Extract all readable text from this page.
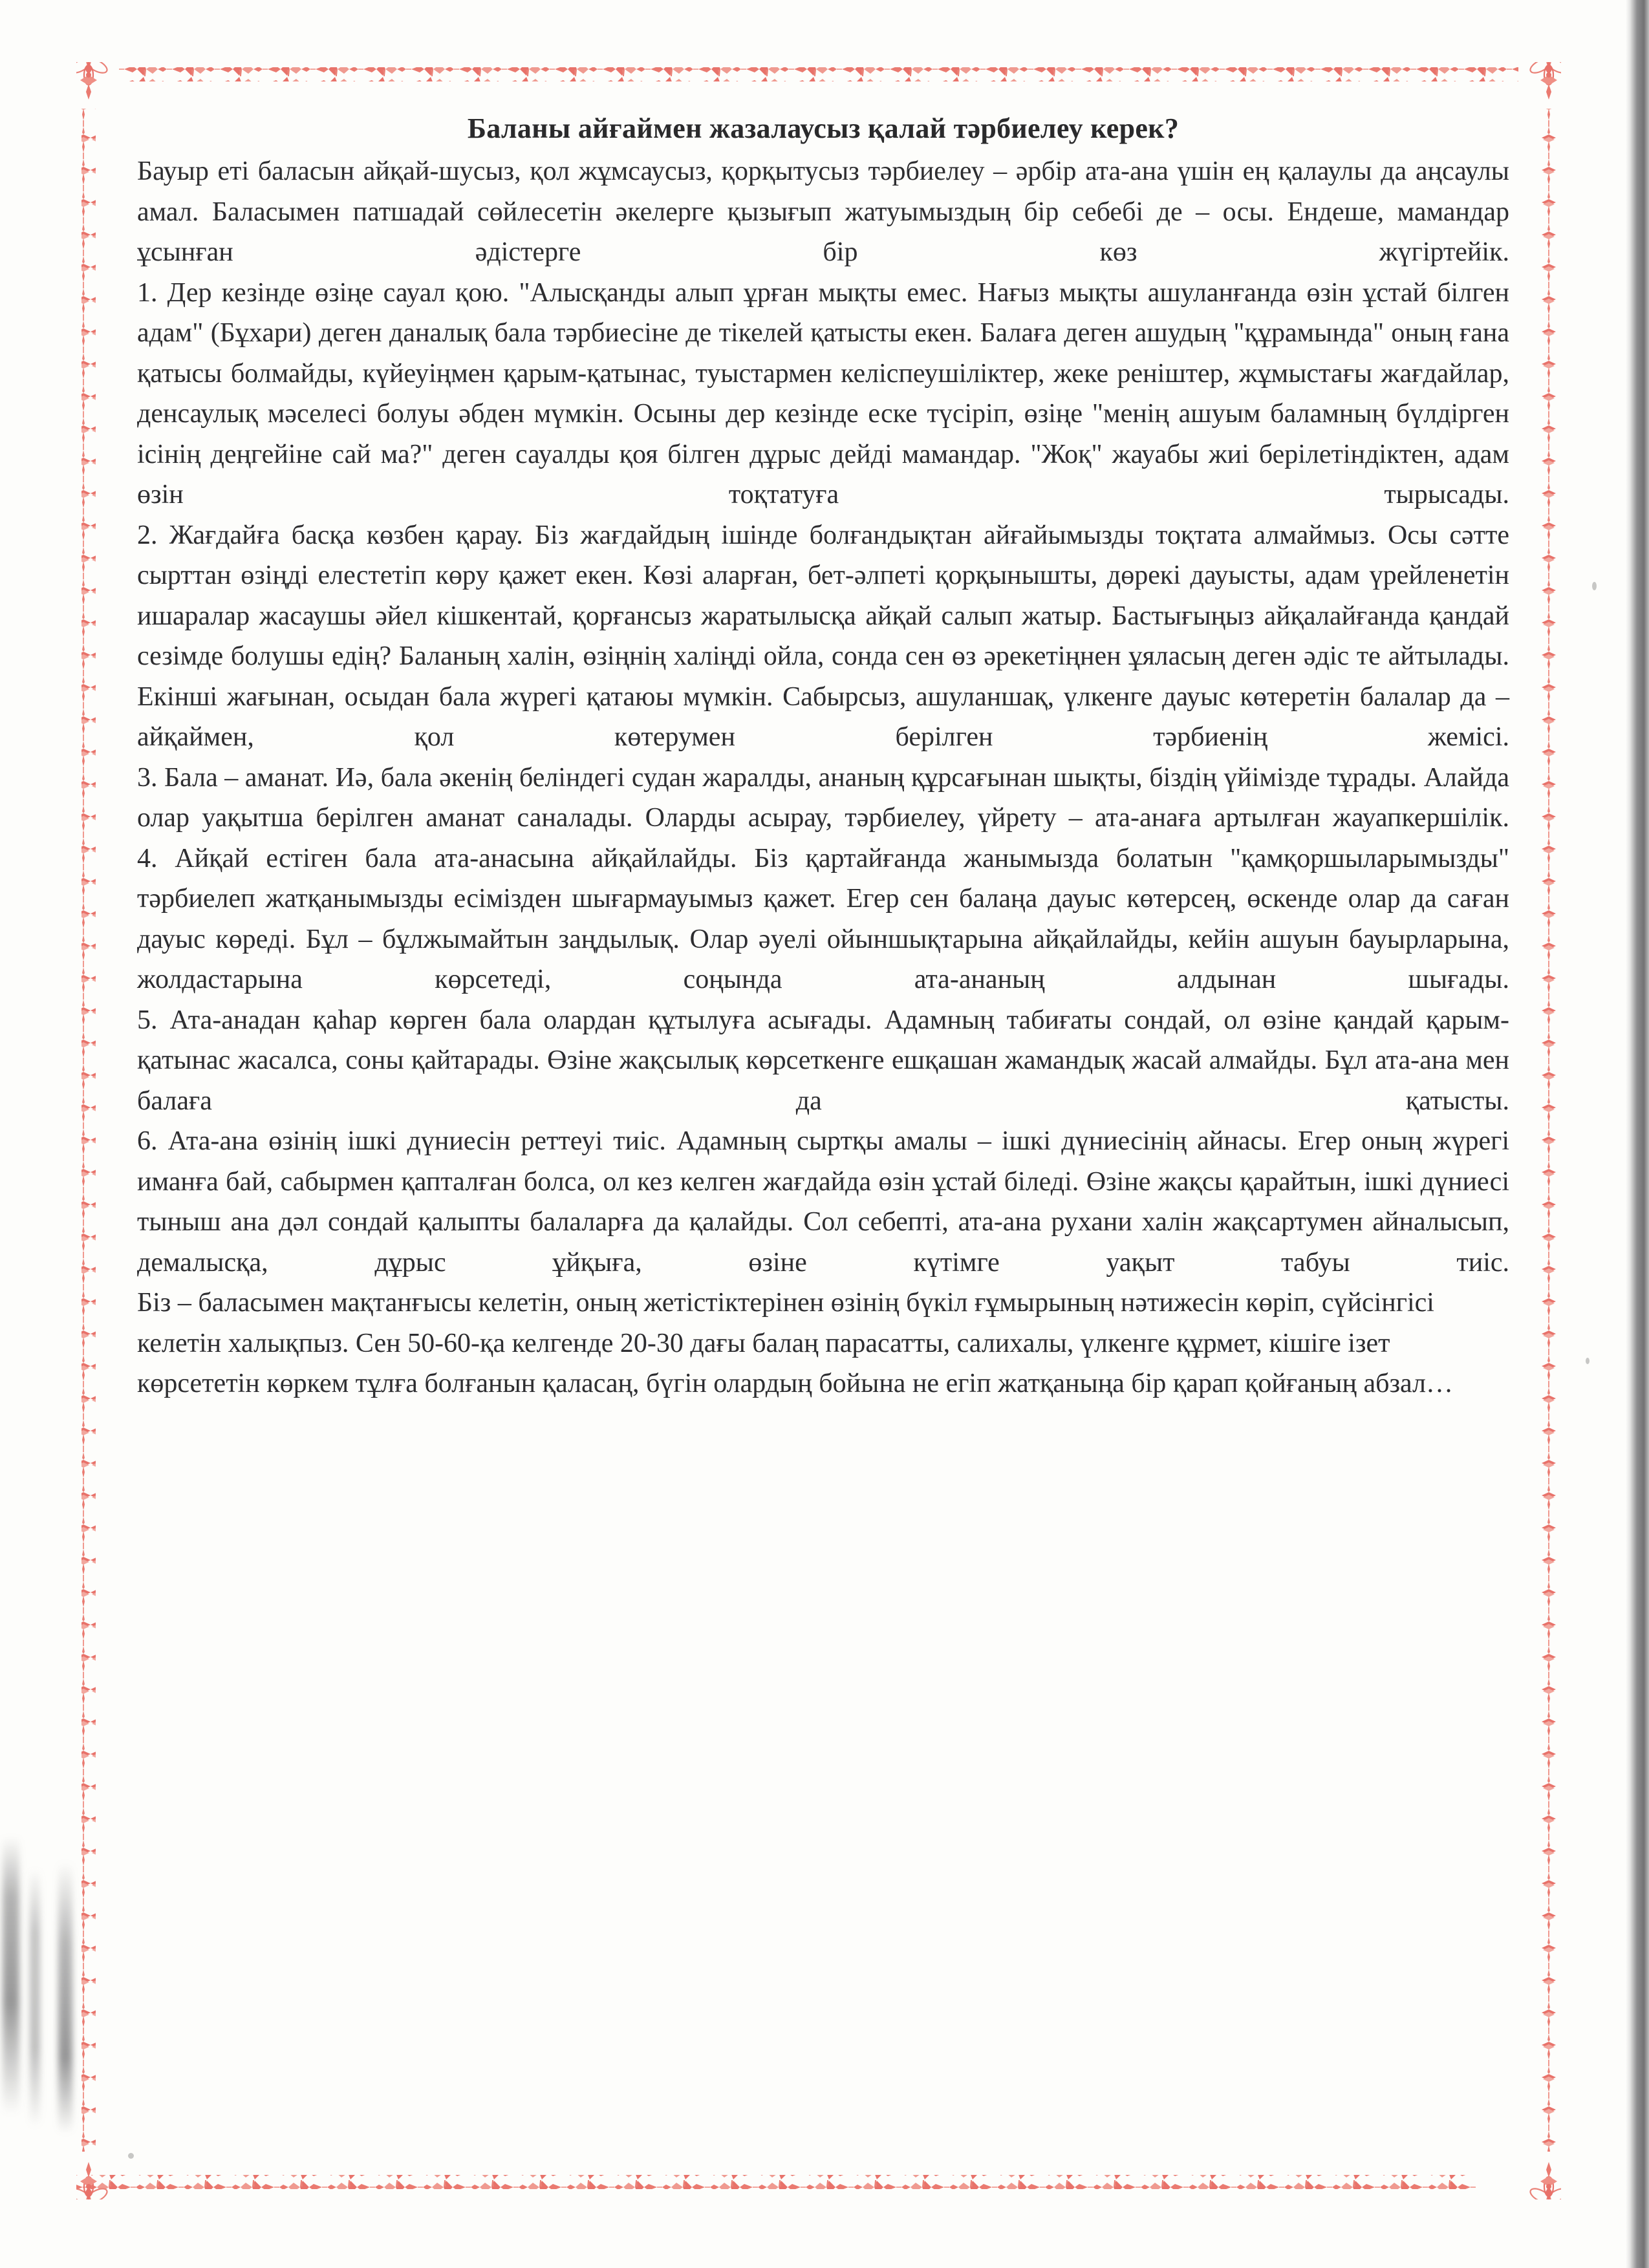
Баланы айғаймен жазалаусыз қалай тәрбиелеу керек?

Бауыр еті баласын айқай-шусыз, қол жұмсаусыз, қорқытусыз тәрбиелеу – әрбір ата-ана үшін ең қалаулы да аңсаулы амал. Баласымен патшадай сөйлесетін әкелерге қызығып жатуымыздың бір себебі де – осы. Ендеше, мамандар ұсынған әдістерге бір көз жүгіртейік.

1. Дер кезінде өзіңе сауал қою. "Алысқанды алып ұрған мықты емес. Нағыз мықты ашуланғанда өзін ұстай білген адам" (Бұхари) деген даналық бала тәрбиесіне де тікелей қатысты екен. Балаға деген ашудың "құрамында" оның ғана қатысы болмайды, күйеуіңмен қарым-қатынас, туыстармен келіспеушіліктер, жеке реніштер, жұмыстағы жағдайлар, денсаулық мәселесі болуы әбден мүмкін. Осыны дер кезінде еске түсіріп, өзіңе "менің ашуым баламның бүлдірген ісінің деңгейіне сай ма?" деген сауалды қоя білген дұрыс дейді мамандар. "Жоқ" жауабы жиі берілетіндіктен, адам өзін тоқтатуға тырысады.

2. Жағдайға басқа көзбен қарау. Біз жағдайдың ішінде болғандықтан айғайымызды тоқтата алмаймыз. Осы сәтте сырттан өзіңді елестетіп көру қажет екен. Көзі аларған, бет-әлпеті қорқынышты, дөрекі дауысты, адам үрейленетін ишаралар жасаушы әйел кішкентай, қорғансыз жаратылысқа айқай салып жатыр. Бастығыңыз айқалайғанда қандай сезімде болушы едің? Баланың халін, өзіңнің халіңді ойла, сонда сен өз әрекетіңнен ұяласың деген әдіс те айтылады. Екінші жағынан, осыдан бала жүрегі қатаюы мүмкін. Сабырсыз, ашуланшақ, үлкенге дауыс көтеретін балалар да – айқаймен, қол көтерумен берілген тәрбиенің жемісі.

3. Бала – аманат. Иә, бала әкенің беліндегі судан жаралды, ананың құрсағынан шықты, біздің үйімізде тұрады. Алайда олар уақытша берілген аманат саналады. Оларды асырау, тәрбиелеу, үйрету – ата-анаға артылған жауапкершілік.

4. Айқай естіген бала ата-анасына айқайлайды. Біз қартайғанда жанымызда болатын "қамқоршыларымызды" тәрбиелеп жатқанымызды есімізден шығармауымыз қажет. Егер сен балаңа дауыс көтерсең, өскенде олар да саған дауыс көреді. Бұл – бұлжымайтын заңдылық. Олар әуелі ойыншықтарына айқайлайды, кейін ашуын бауырларына, жолдастарына көрсетеді, соңында ата-ананың алдынан шығады.

5. Ата-анадан қаһар көрген бала олардан құтылуға асығады. Адамның табиғаты сондай, ол өзіне қандай қарым-қатынас жасалса, соны қайтарады. Өзіне жақсылық көрсеткенге ешқашан жамандық жасай алмайды. Бұл ата-ана мен балаға да қатысты.

6. Ата-ана өзінің ішкі дүниесін реттеуі тиіс. Адамның сыртқы амалы – ішкі дүниесінің айнасы. Егер оның жүрегі иманға бай, сабырмен қапталған болса, ол кез келген жағдайда өзін ұстай біледі. Өзіне жақсы қарайтын, ішкі дүниесі тыныш ана дәл сондай қалыпты балаларға да қалайды. Сол себепті, ата-ана рухани халін жақсартумен айналысып, демалысқа, дұрыс ұйқыға, өзіне күтімге уақыт табуы тиіс.

Біз – баласымен мақтанғысы келетін, оның жетістіктерінен өзінің бүкіл ғұмырының нәтижесін көріп, сүйсінгісі келетін халықпыз. Сен 50-60-қа келгенде 20-30 дағы балаң парасатты, салихалы, үлкенге құрмет, кішіге ізет көрсететін көркем тұлға болғанын қаласаң, бүгін олардың бойына не егіп жатқаныңа бір қарап қойғаның абзал…
